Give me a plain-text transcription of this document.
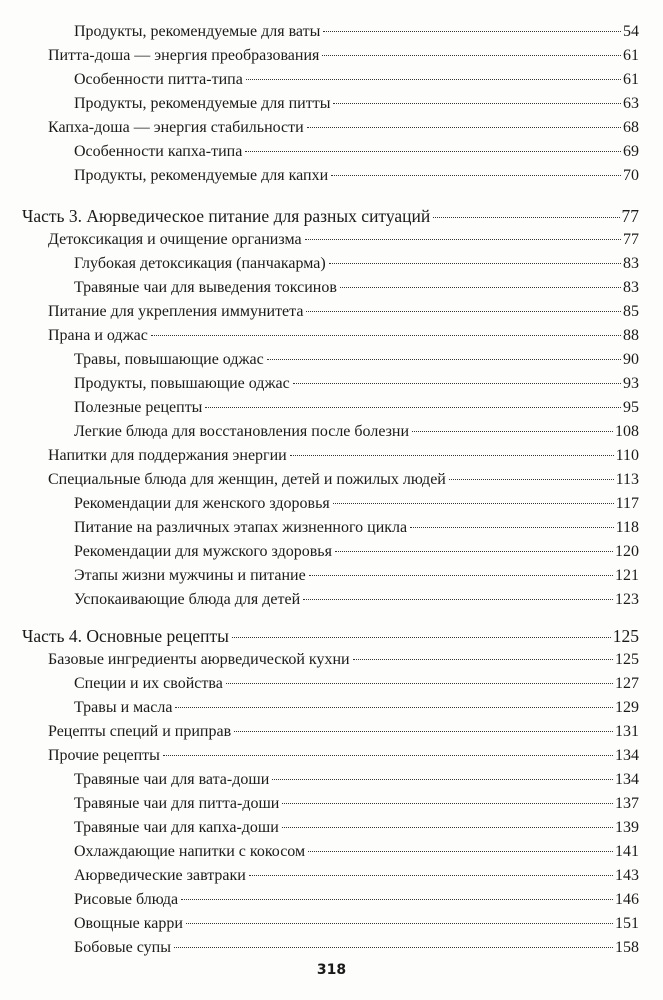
Продукты, рекомендуемые для ваты	54
Питта-доша — энергия преобразования	61
Особенности питта-типа	61
Продукты, рекомендуемые для питты	63
Капха-доша — энергия стабильности	68
Особенности капха-типа	69
Продукты, рекомендуемые для капхи	70
Часть 3. Аюрведическое питание для разных ситуаций	77
Детоксикация и очищение организма	77
Глубокая детоксикация (панчакарма)	83
Травяные чаи для выведения токсинов	83
Питание для укрепления иммунитета	85
Прана и оджас	88
Травы, повышающие оджас	90
Продукты, повышающие оджас	93
Полезные рецепты	95
Легкие блюда для восстановления после болезни	108
Напитки для поддержания энергии	110
Специальные блюда для женщин, детей и пожилых людей	113
Рекомендации для женского здоровья	117
Питание на различных этапах жизненного цикла	118
Рекомендации для мужского здоровья	120
Этапы жизни мужчины и питание	121
Успокаивающие блюда для детей	123
Часть 4. Основные рецепты	125
Базовые ингредиенты аюрведической кухни	125
Специи и их свойства	127
Травы и масла	129
Рецепты специй и приправ	131
Прочие рецепты	134
Травяные чаи для вата-доши	134
Травяные чаи для питта-доши	137
Травяные чаи для капха-доши	139
Охлаждающие напитки с кокосом	141
Аюрведические завтраки	143
Рисовые блюда	146
Овощные карри	151
Бобовые супы	158
318
